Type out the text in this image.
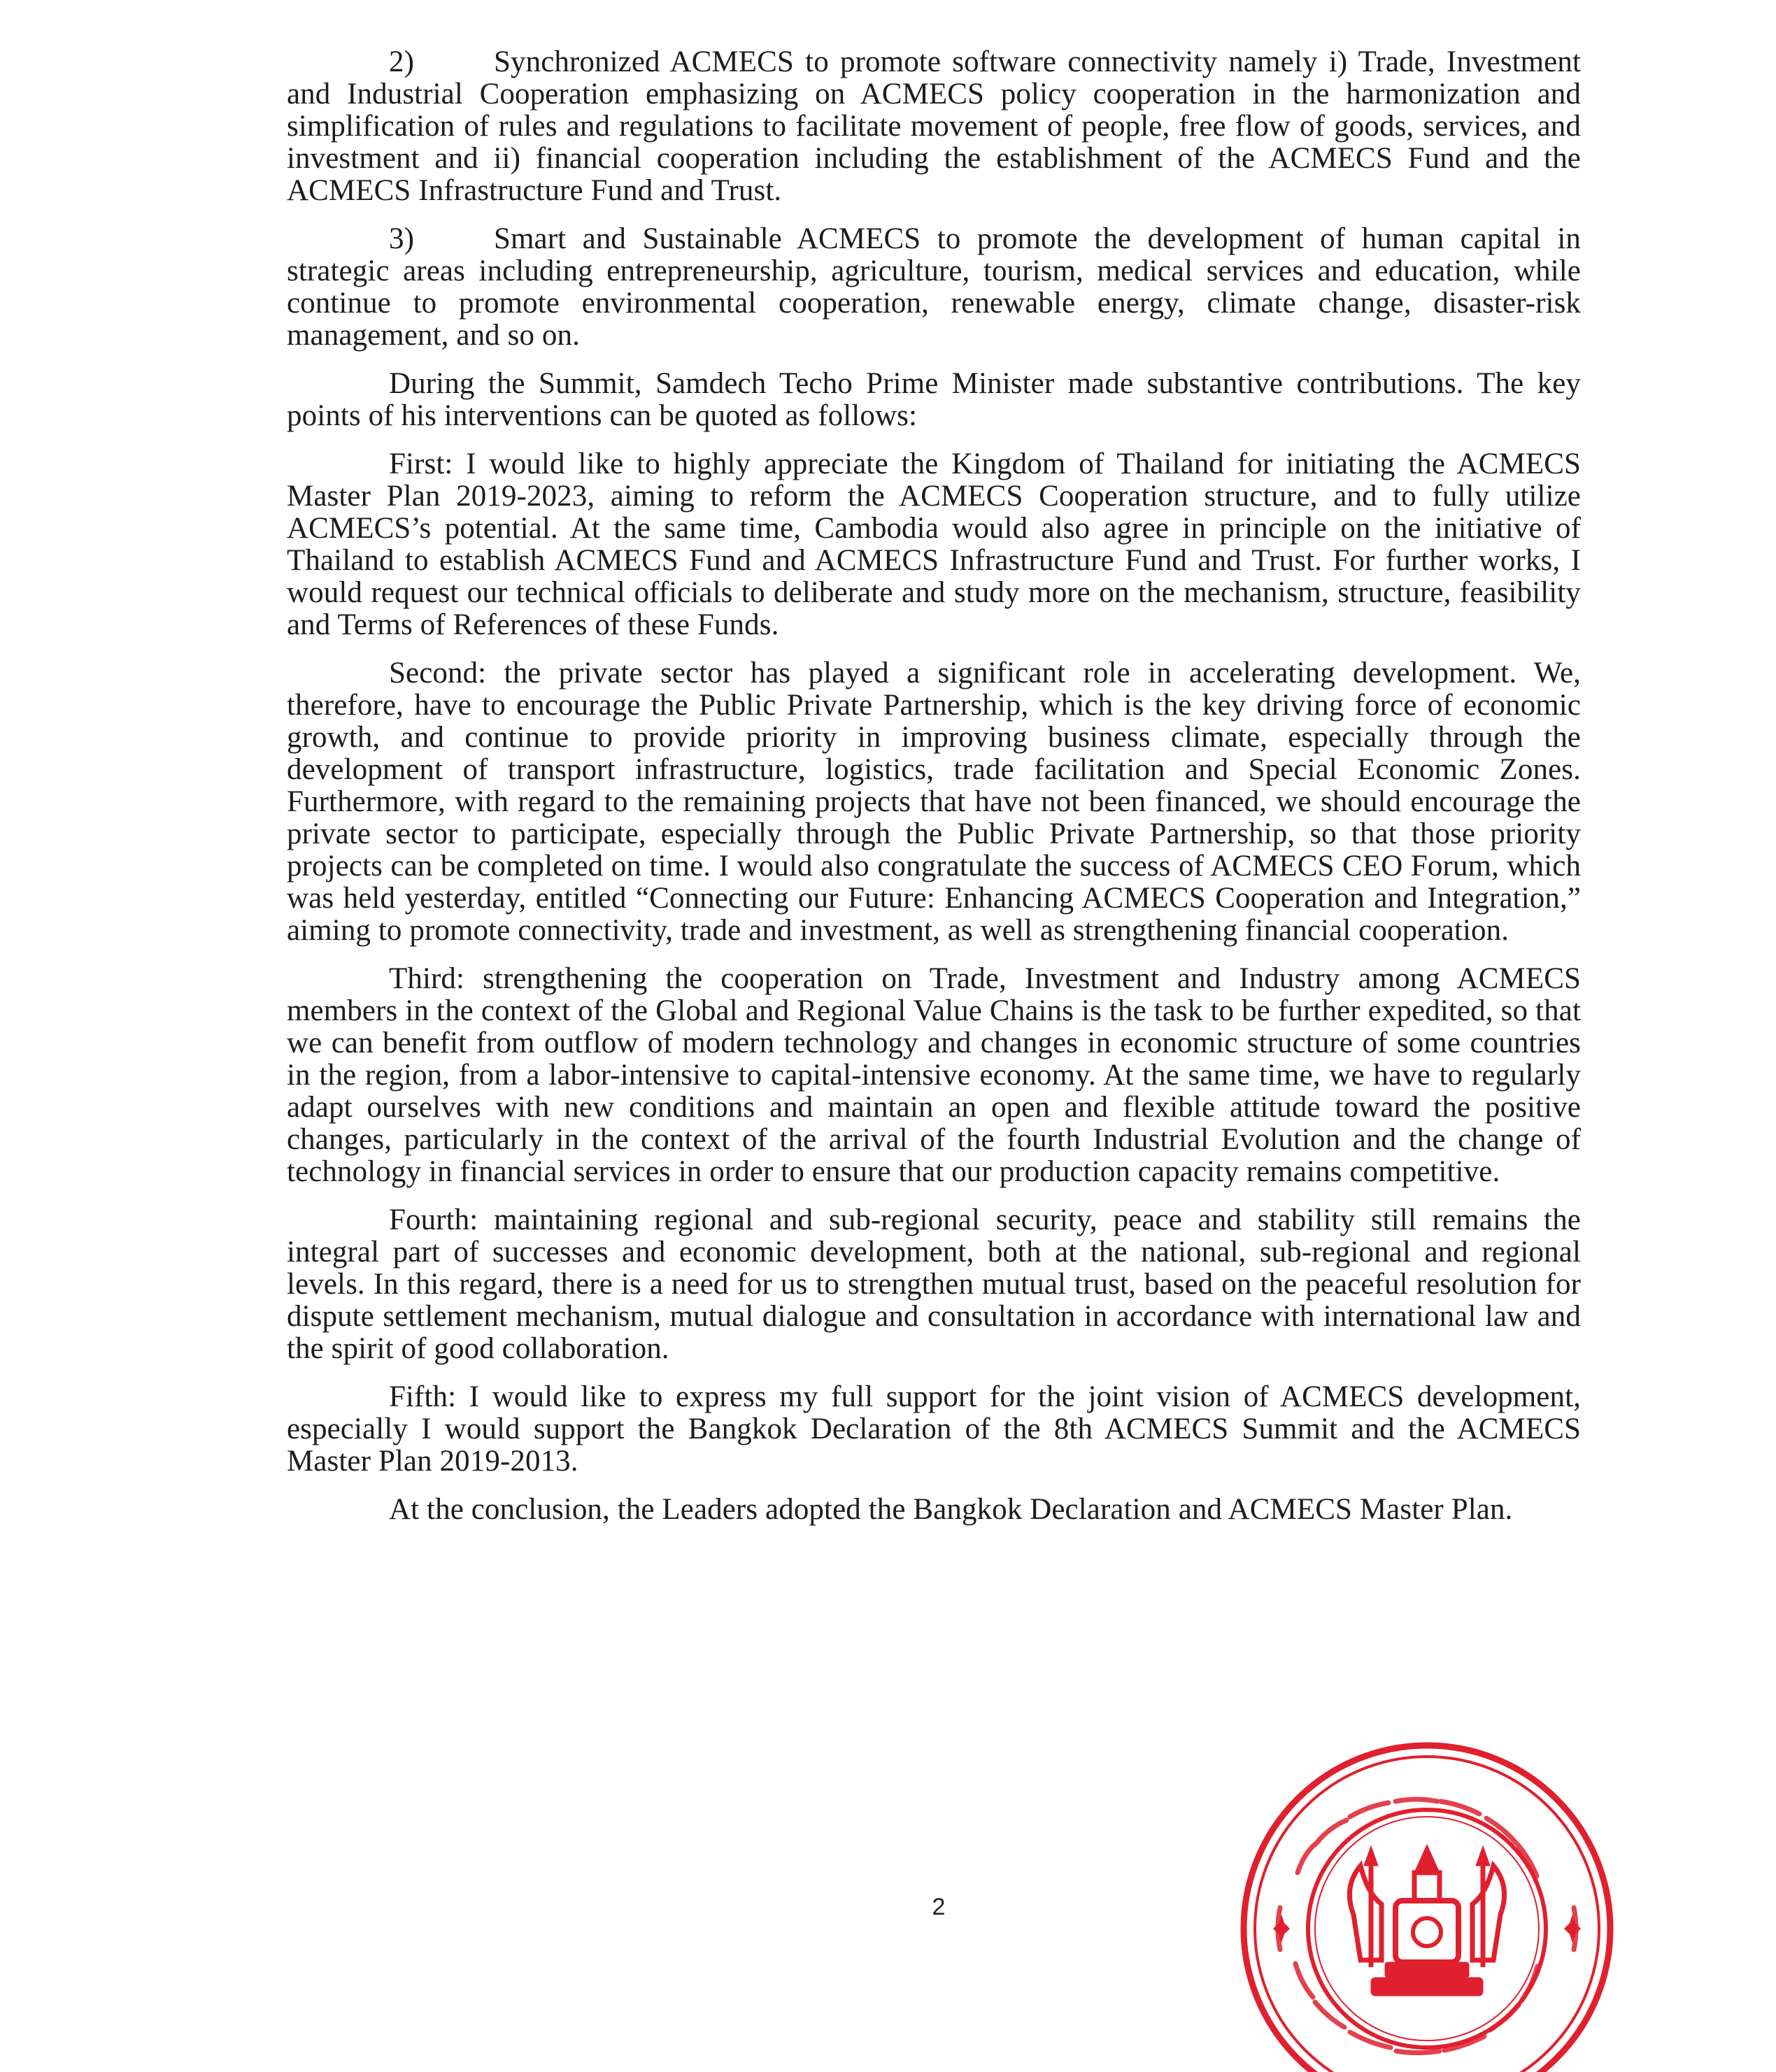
2)	Synchronized ACMECS to promote software connectivity namely i) Trade, Investment and Industrial Cooperation emphasizing on ACMECS policy cooperation in the harmonization and simplification of rules and regulations to facilitate movement of people, free flow of goods, services, and investment and ii) financial cooperation including the establishment of the ACMECS Fund and the ACMECS Infrastructure Fund and Trust.

3)	Smart and Sustainable ACMECS to promote the development of human capital in strategic areas including entrepreneurship, agriculture, tourism, medical services and education, while continue to promote environmental cooperation, renewable energy, climate change, disaster-risk management, and so on.

During the Summit, Samdech Techo Prime Minister made substantive contributions. The key points of his interventions can be quoted as follows:

First: I would like to highly appreciate the Kingdom of Thailand for initiating the ACMECS Master Plan 2019-2023, aiming to reform the ACMECS Cooperation structure, and to fully utilize ACMECS’s potential. At the same time, Cambodia would also agree in principle on the initiative of Thailand to establish ACMECS Fund and ACMECS Infrastructure Fund and Trust. For further works, I would request our technical officials to deliberate and study more on the mechanism, structure, feasibility and Terms of References of these Funds.

Second: the private sector has played a significant role in accelerating development. We, therefore, have to encourage the Public Private Partnership, which is the key driving force of economic growth, and continue to provide priority in improving business climate, especially through the development of transport infrastructure, logistics, trade facilitation and Special Economic Zones. Furthermore, with regard to the remaining projects that have not been financed, we should encourage the private sector to participate, especially through the Public Private Partnership, so that those priority projects can be completed on time. I would also congratulate the success of ACMECS CEO Forum, which was held yesterday, entitled “Connecting our Future: Enhancing ACMECS Cooperation and Integration,” aiming to promote connectivity, trade and investment, as well as strengthening financial cooperation.

Third: strengthening the cooperation on Trade, Investment and Industry among ACMECS members in the context of the Global and Regional Value Chains is the task to be further expedited, so that we can benefit from outflow of modern technology and changes in economic structure of some countries in the region, from a labor-intensive to capital-intensive economy. At the same time, we have to regularly adapt ourselves with new conditions and maintain an open and flexible attitude toward the positive changes, particularly in the context of the arrival of the fourth Industrial Evolution and the change of technology in financial services in order to ensure that our production capacity remains competitive.

Fourth: maintaining regional and sub-regional security, peace and stability still remains the integral part of successes and economic development, both at the national, sub-regional and regional levels. In this regard, there is a need for us to strengthen mutual trust, based on the peaceful resolution for dispute settlement mechanism, mutual dialogue and consultation in accordance with international law and the spirit of good collaboration.

Fifth: I would like to express my full support for the joint vision of ACMECS development, especially I would support the Bangkok Declaration of the 8th ACMECS Summit and the ACMECS Master Plan 2019-2013.

At the conclusion, the Leaders adopted the Bangkok Declaration and ACMECS Master Plan.

2
